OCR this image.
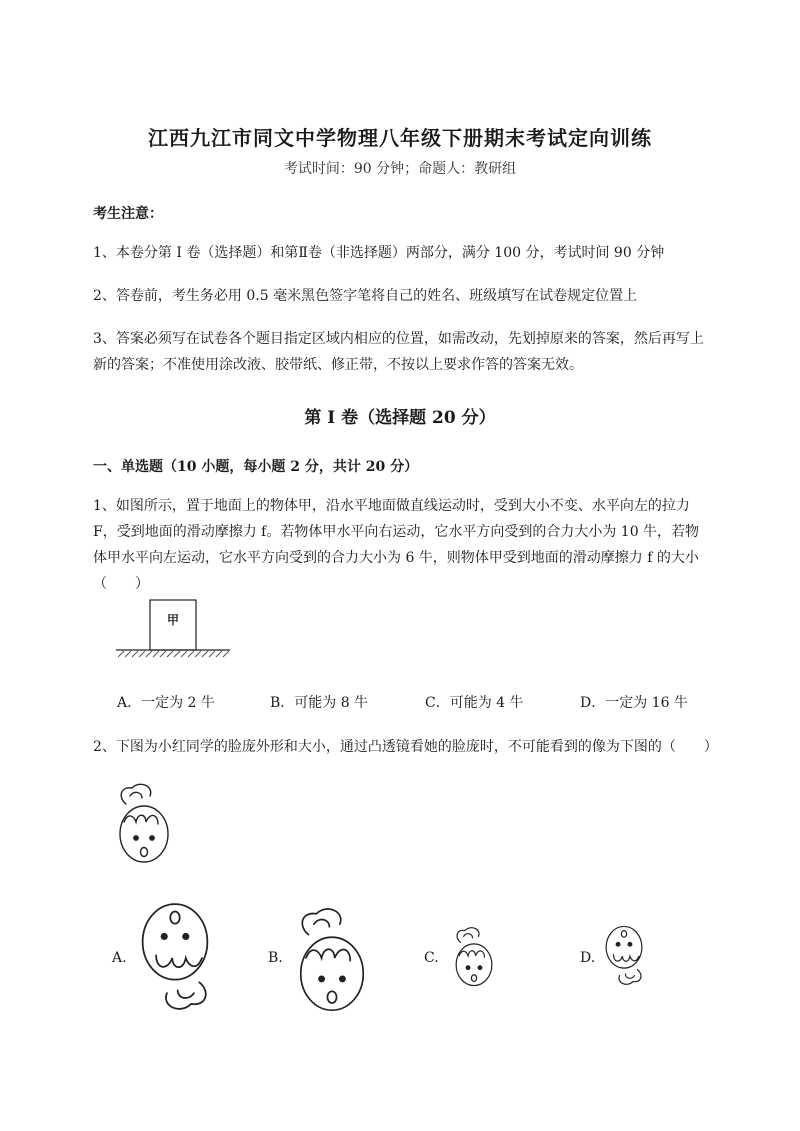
江西九江市同文中学物理八年级下册期末考试定向训练
考试时间：90 分钟；命题人：教研组
考生注意：
1、本卷分第 I 卷（选择题）和第Ⅱ卷（非选择题）两部分，满分 100 分，考试时间 90 分钟
2、答卷前，考生务必用 0.5 毫米黑色签字笔将自己的姓名、班级填写在试卷规定位置上
3、答案必须写在试卷各个题目指定区域内相应的位置，如需改动，先划掉原来的答案，然后再写上新的答案；不准使用涂改液、胶带纸、修正带，不按以上要求作答的答案无效。
第 I 卷（选择题 20 分）
一、单选题（10 小题，每小题 2 分，共计 20 分）
1、如图所示，置于地面上的物体甲，沿水平地面做直线运动时，受到大小不变、水平向左的拉力 F，受到地面的滑动摩擦力 f。若物体甲水平向右运动，它水平方向受到的合力大小为 10 牛，若物体甲水平向左运动，它水平方向受到的合力大小为 6 牛，则物体甲受到地面的滑动摩擦力 f 的大小（　　）
甲
A．一定为 2 牛	B．可能为 8 牛	C．可能为 4 牛	D．一定为 16 牛
2、下图为小红同学的脸庞外形和大小，通过凸透镜看她的脸庞时，不可能看到的像为下图的（　　）
A.	B.	C.	D.
